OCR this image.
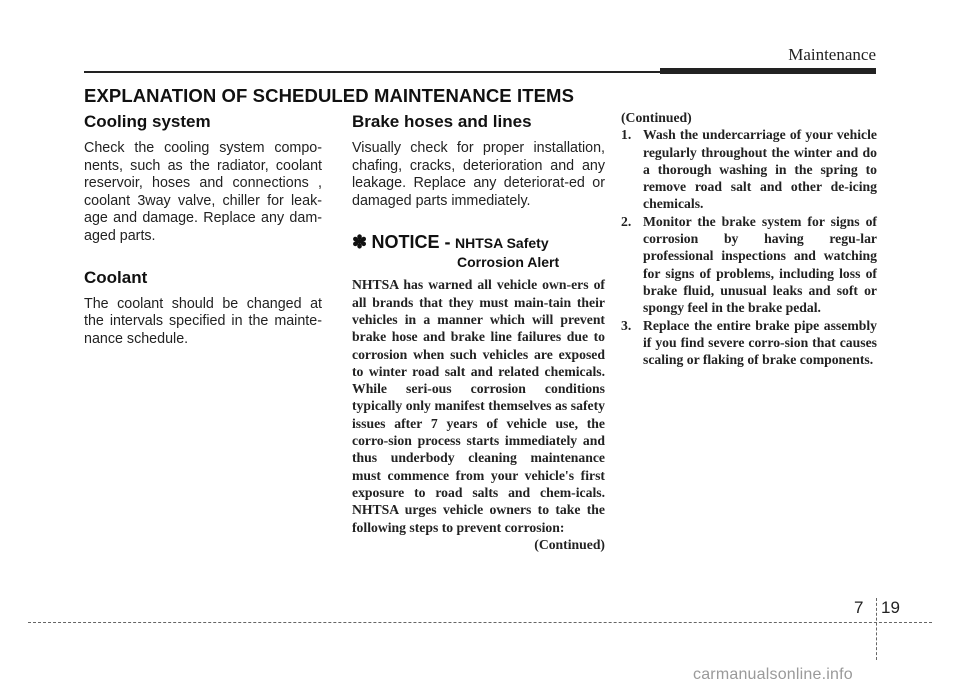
Maintenance
EXPLANATION OF SCHEDULED MAINTENANCE ITEMS
Cooling system

Check the cooling system compo-nents, such as the radiator, coolant reservoir, hoses and connections , coolant 3way valve, chiller for leak-age and damage. Replace any dam-aged parts.

Coolant

The coolant should be changed at the intervals specified in the mainte-nance schedule.

Brake hoses and lines

Visually check for proper installation, chafing, cracks, deterioration and any leakage. Replace any deteriorat-ed or damaged parts immediately.

✽ NOTICE - NHTSA Safety
Corrosion Alert

NHTSA has warned all vehicle own-ers of all brands that they must main-tain their vehicles in a manner which will prevent brake hose and brake line failures due to corrosion when such vehicles are exposed to winter road salt and related chemicals. While seri-ous corrosion conditions typically only manifest themselves as safety issues after 7 years of vehicle use, the corro-sion process starts immediately and thus underbody cleaning maintenance must commence from your vehicle's first exposure to road salts and chem-icals. NHTSA urges vehicle owners to take the following steps to prevent corrosion:

(Continued)

(Continued)

1. Wash the undercarriage of your vehicle regularly throughout the winter and do a thorough washing in the spring to remove road salt and other de-icing chemicals.
2. Monitor the brake system for signs of corrosion by having regu-lar professional inspections and watching for signs of problems, including loss of brake fluid, unusual leaks and soft or spongy feel in the brake pedal.
3. Replace the entire brake pipe assembly if you find severe corro-sion that causes scaling or flaking of brake components.
7 19
carmanualsonline.info
